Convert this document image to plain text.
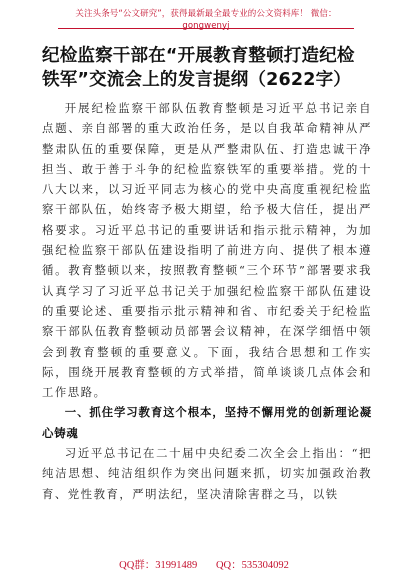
关注头条号“公文研究”，获得最新最全最专业的公文资料库！ 微信：gongwenyj
纪检监察干部在“开展教育整顿打造纪检铁军”交流会上的发言提纲（2622字）

开展纪检监察干部队伍教育整顿是习近平总书记亲自点题、亲自部署的重大政治任务，是以自我革命精神从严整肃队伍的重要保障，更是从严整肃队伍、打造忠诚干净担当、敢于善于斗争的纪检监察铁军的重要举措。党的十八大以来，以习近平同志为核心的党中央高度重视纪检监察干部队伍，始终寄予极大期望，给予极大信任，提出严格要求。习近平总书记的重要讲话和指示批示精神，为加强纪检监察干部队伍建设指明了前进方向、提供了根本遵循。教育整顿以来，按照教育整顿“三个环节”部署要求我认真学习了习近平总书记关于加强纪检监察干部队伍建设的重要论述、重要指示批示精神和省、市纪委关于纪检监察干部队伍教育整顿动员部署会议精神，在深学细悟中领会到教育整顿的重要意义。下面，我结合思想和工作实际，围绕开展教育整顿的方式举措，简单谈谈几点体会和工作思路。

一、抓住学习教育这个根本，坚持不懈用党的创新理论凝心铸魂

习近平总书记在二十届中央纪委二次全会上指出：“把纯洁思想、纯洁组织作为突出问题来抓，切实加强政治教育、党性教育，严明法纪，坚决清除害群之马，以铁

QQ群：31991489 QQ：535304092
